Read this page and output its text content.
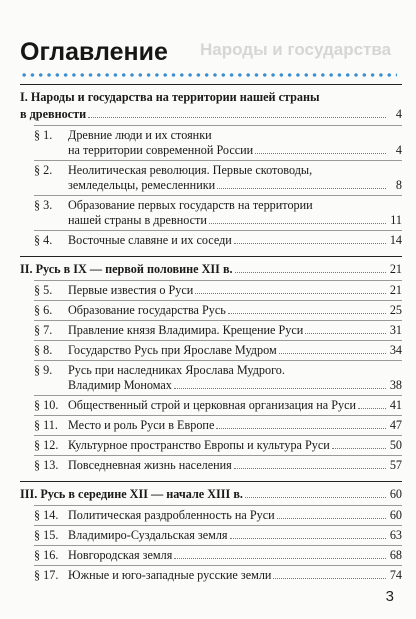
Народы и государства
Оглавление
I. Народы и государства на территории нашей страны
в древности	4
§ 1.	Древние люди и их стоянки
на территории современной России	4
§ 2.	Неолитическая революция. Первые скотоводы,
земледельцы, ремесленники	8
§ 3.	Образование первых государств на территории
нашей страны в древности	11
§ 4.	Восточные славяне и их соседи	14
II. Русь в IX — первой половине XII в.	21
§ 5.	Первые известия о Руси	21
§ 6.	Образование государства Русь	25
§ 7.	Правление князя Владимира. Крещение Руси	31
§ 8.	Государство Русь при Ярославе Мудром	34
§ 9.	Русь при наследниках Ярослава Мудрого.
Владимир Мономах	38
§ 10. Общественный строй и церковная организация на Руси	41
§ 11. Место и роль Руси в Европе	47
§ 12. Культурное пространство Европы и культура Руси	50
§ 13. Повседневная жизнь населения	57
III. Русь в середине XII — начале XIII в.	60
§ 14. Политическая раздробленность на Руси	60
§ 15. Владимиро-Суздальская земля	63
§ 16. Новгородская земля	68
§ 17. Южные и юго-западные русские земли	74
3
